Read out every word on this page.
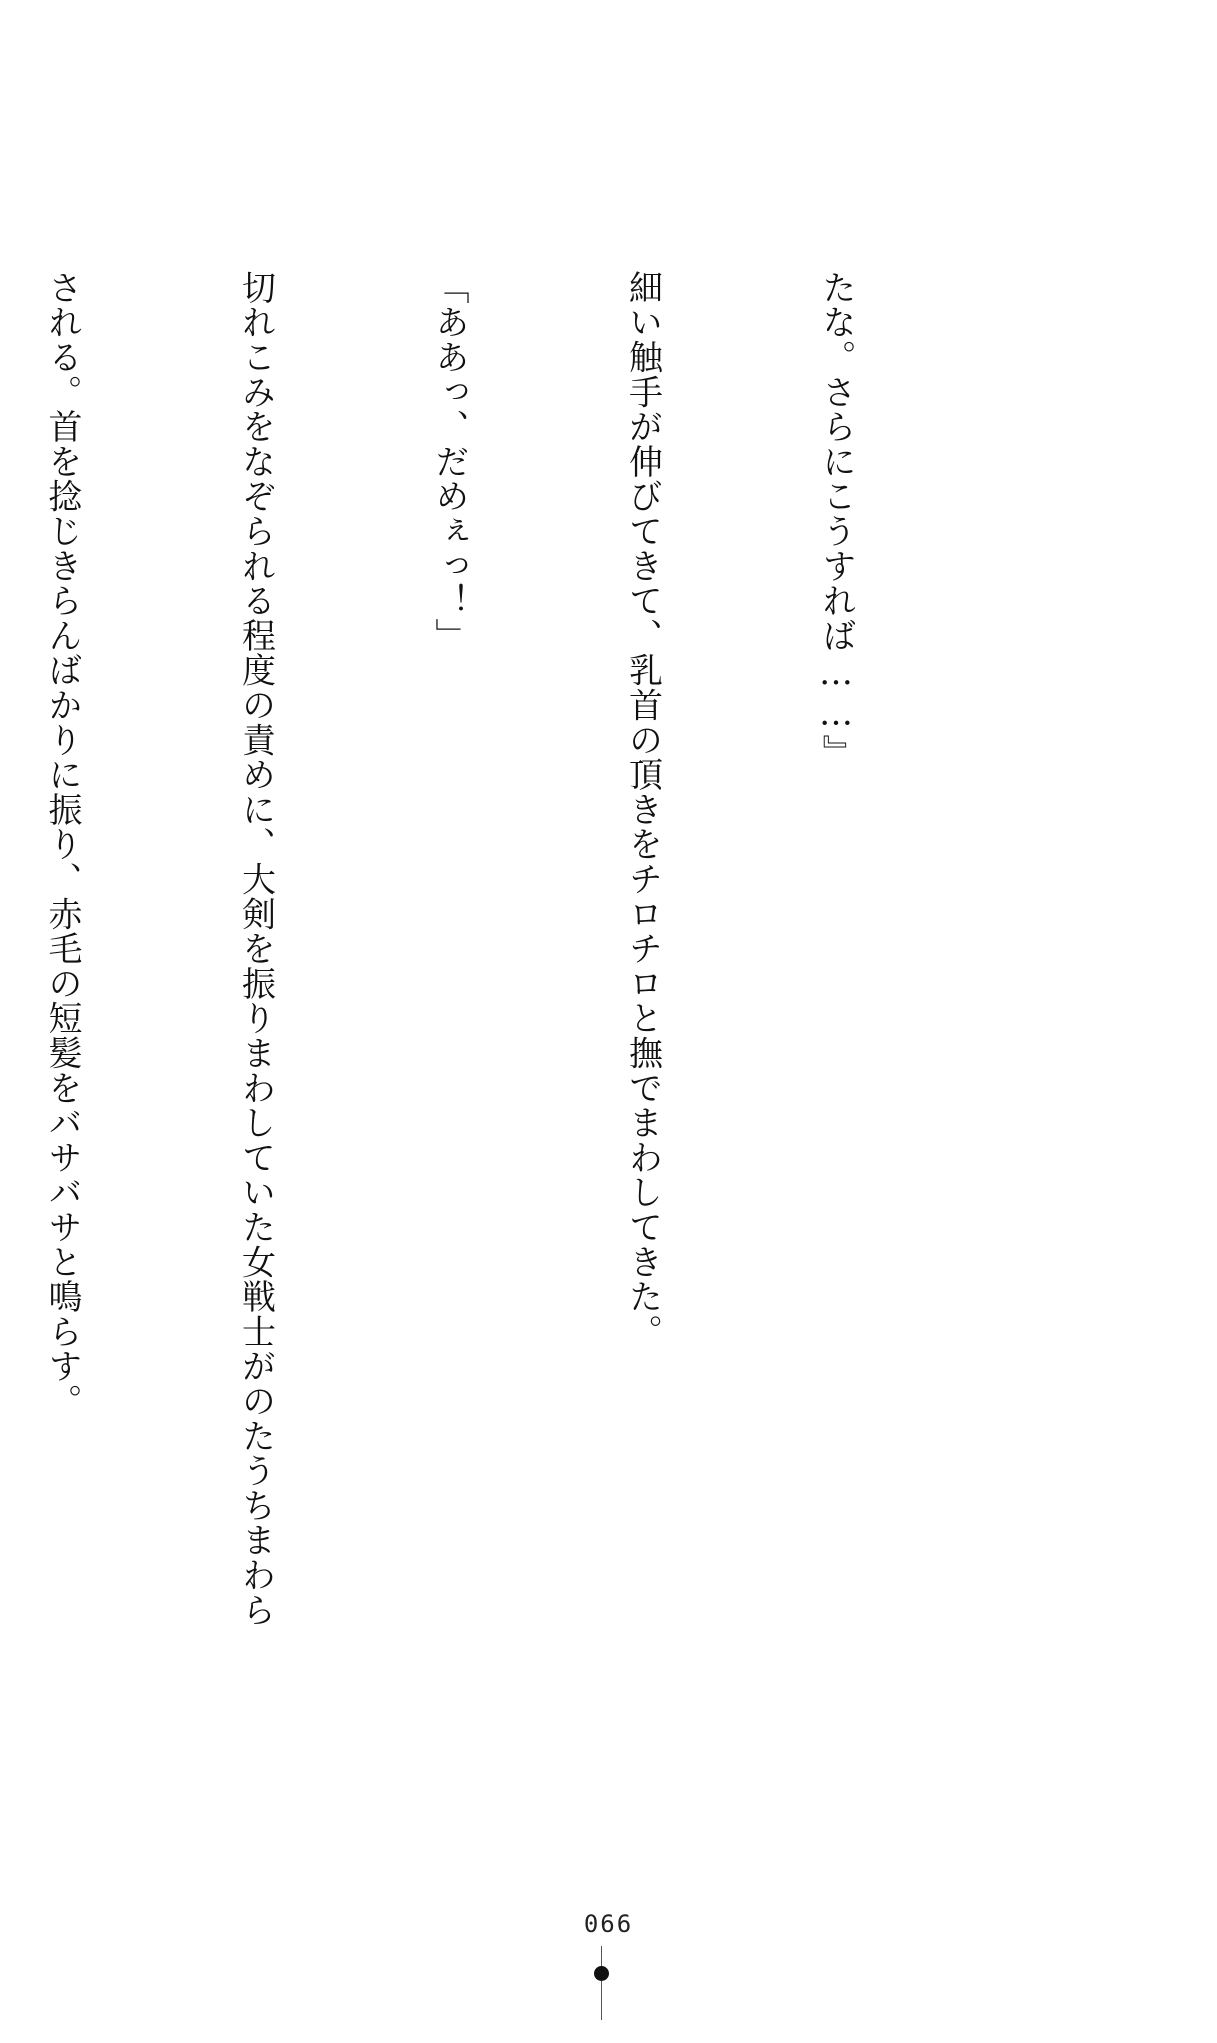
たな。さらにこうすれば……』

細い触手が伸びてきて、乳首の頂きをチロチロと撫でまわしてきた。

「ああっ、だめぇっ！」

切れこみをなぞられる程度の責めに、大剣を振りまわしていた女戦士がのたうちまわら

される。首を捻じきらんばかりに振り、赤毛の短髪をバサバサと鳴らす。

066
